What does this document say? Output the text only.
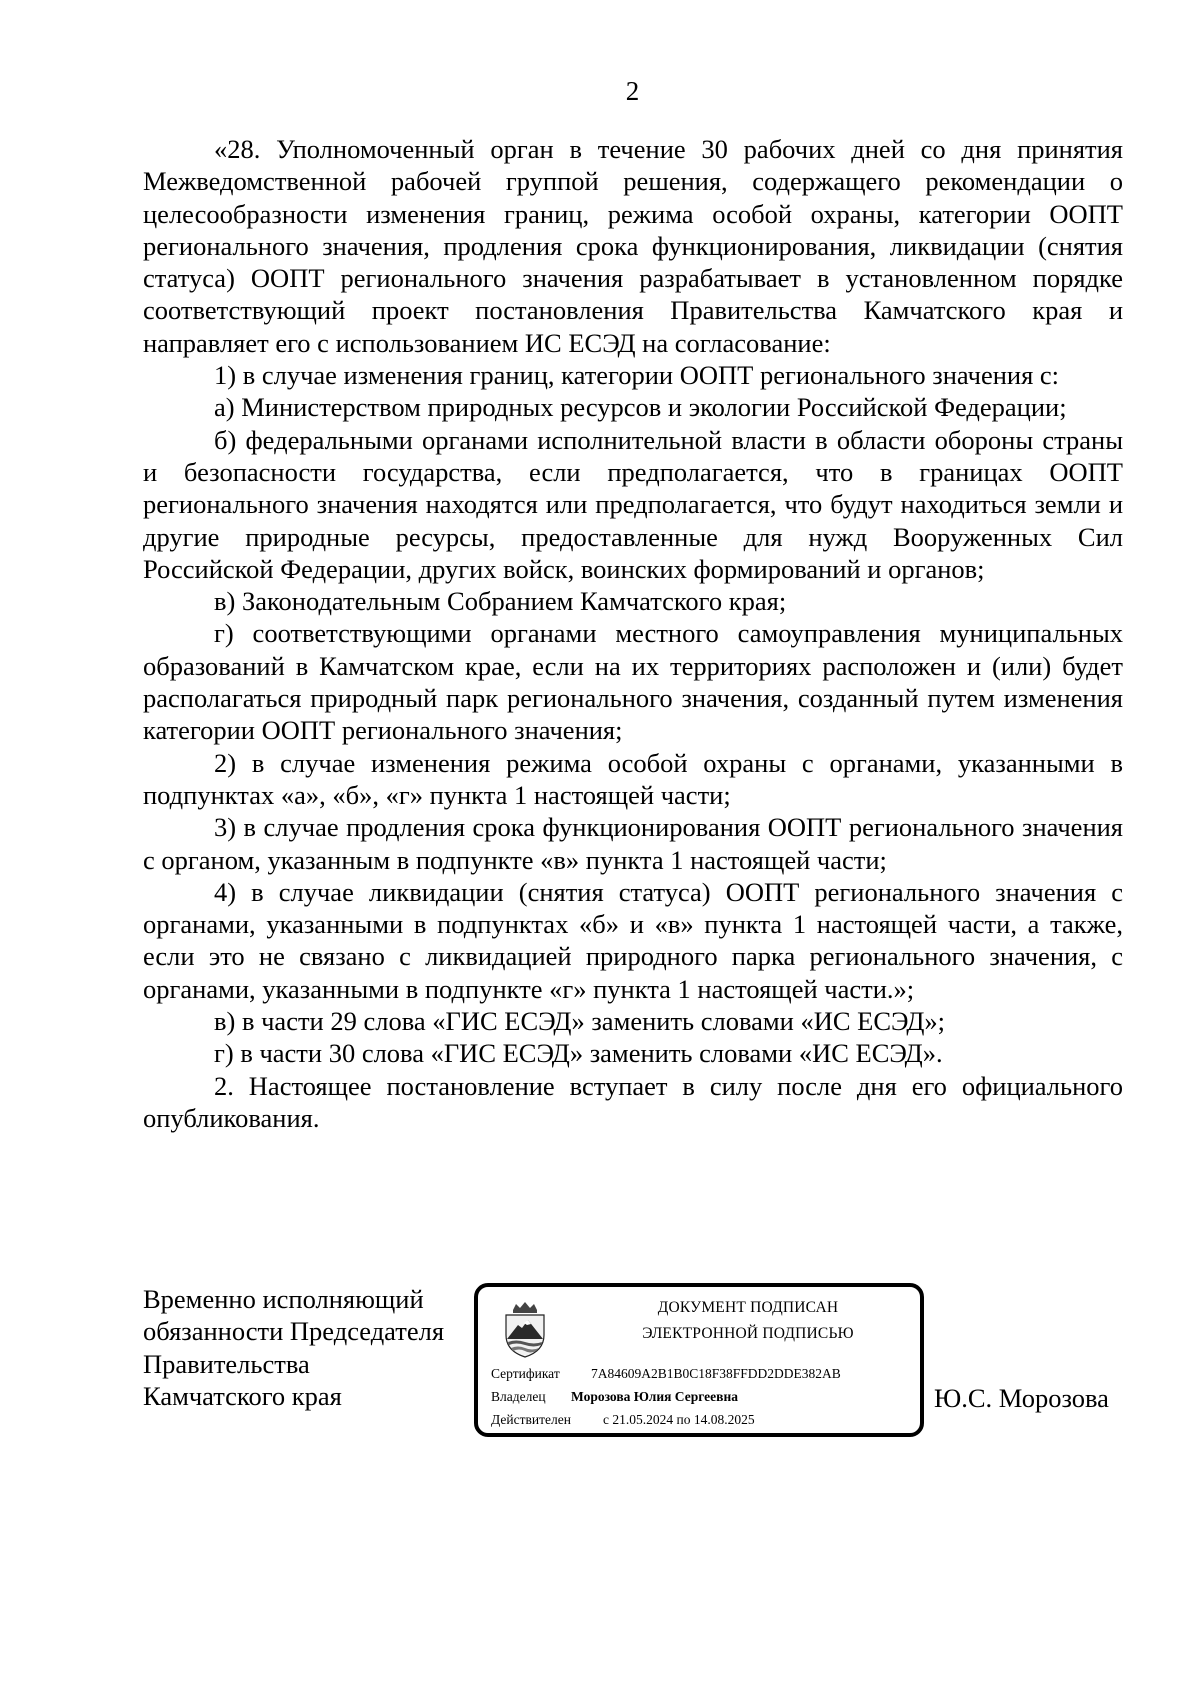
2

«28. Уполномоченный орган в течение 30 рабочих дней со дня принятия Межведомственной рабочей группой решения, содержащего рекомендации о целесообразности изменения границ, режима особой охраны, категории ООПТ регионального значения, продления срока функционирования, ликвидации (снятия статуса) ООПТ регионального значения разрабатывает в установленном порядке соответствующий проект постановления Правительства Камчатского края и направляет его с использованием ИС ЕСЭД на согласование:

1) в случае изменения границ, категории ООПТ регионального значения с:

а) Министерством природных ресурсов и экологии Российской Федерации;

б) федеральными органами исполнительной власти в области обороны страны и безопасности государства, если предполагается, что в границах ООПТ регионального значения находятся или предполагается, что будут находиться земли и другие природные ресурсы, предоставленные для нужд Вооруженных Сил Российской Федерации, других войск, воинских формирований и органов;

в) Законодательным Собранием Камчатского края;

г) соответствующими органами местного самоуправления муниципальных образований в Камчатском крае, если на их территориях расположен и (или) будет располагаться природный парк регионального значения, созданный путем изменения категории ООПТ регионального значения;

2) в случае изменения режима особой охраны с органами, указанными в подпунктах «а», «б», «г» пункта 1 настоящей части;

3) в случае продления срока функционирования ООПТ регионального значения с органом, указанным в подпункте «в» пункта 1 настоящей части;

4) в случае ликвидации (снятия статуса) ООПТ регионального значения с органами, указанными в подпунктах «б» и «в» пункта 1 настоящей части, а также, если это не связано с ликвидацией природного парка регионального значения, с органами, указанными в подпункте «г» пункта 1 настоящей части.»;

в) в части 29 слова «ГИС ЕСЭД» заменить словами «ИС ЕСЭД»;

г) в части 30 слова «ГИС ЕСЭД» заменить словами «ИС ЕСЭД».

2. Настоящее постановление вступает в силу после дня его официального опубликования.

Временно исполняющий
обязанности Председателя
Правительства
Камчатского края
ДОКУМЕНТ ПОДПИСАН
ЭЛЕКТРОННОЙ ПОДПИСЬЮ
Сертификат 7A84609A2B1B0C18F38FFDD2DDE382AB
Владелец Морозова Юлия Сергеевна
Действителен с 21.05.2024 по 14.08.2025
Ю.С. Морозова
